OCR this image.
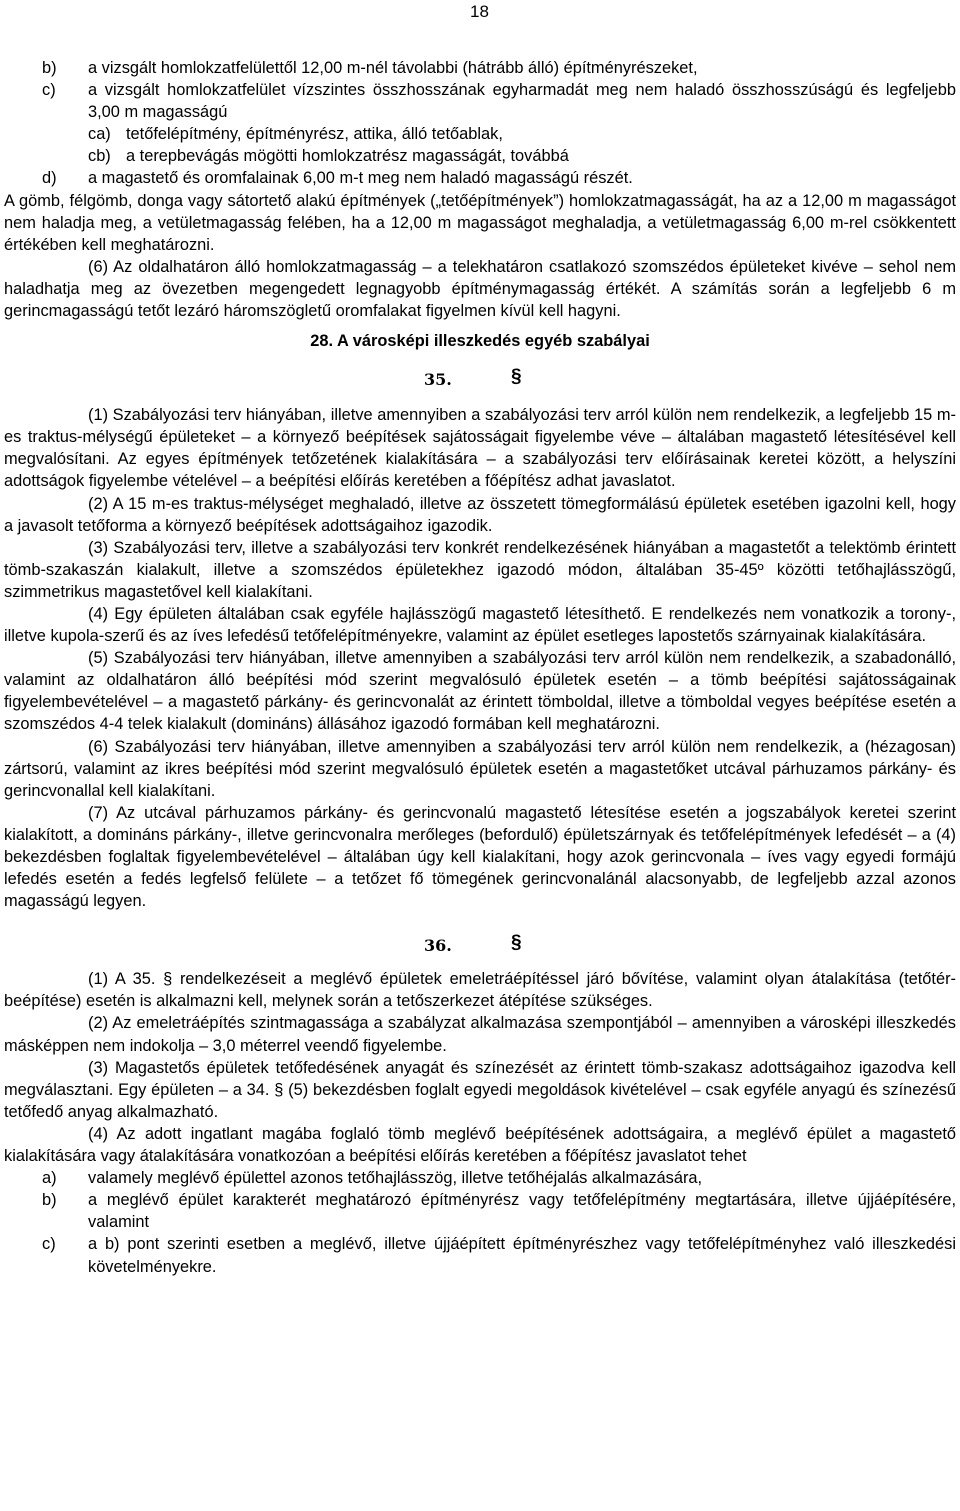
18
b)	a vizsgált homlokzatfelülettől 12,00 m-nél távolabbi (hátrább álló) építményrészeket,
c)	a vizsgált homlokzatfelület vízszintes összhosszának egyharmadát meg nem haladó összhosszúságú és legfeljebb 3,00 m magasságú
ca) tetőfelépítmény, építményrész, attika, álló tetőablak,
cb) a terepbevágás mögötti homlokzatrész magasságát, továbbá
d)	a magastető és oromfalainak 6,00 m-t meg nem haladó magasságú részét.

A gömb, félgömb, donga vagy sátortető alakú építmények („tetőépítmények”) homlokzatmagasságát, ha az a 12,00 m magasságot nem haladja meg, a vetületmagasság felében, ha a 12,00 m magasságot meghaladja, a vetületmagasság 6,00 m-rel csökkentett értékében kell meghatározni.

(6) Az oldalhatáron álló homlokzatmagasság – a telekhatáron csatlakozó szomszédos épületeket kivéve – sehol nem haladhatja meg az övezetben megengedett legnagyobb építménymagasság értékét. A számítás során a legfeljebb 6 m gerincmagasságú tetőt lezáró háromszögletű oromfalakat figyelmen kívül kell hagyni.

28. A városképi illeszkedés egyéb szabályai
35.	§

(1) Szabályozási terv hiányában, illetve amennyiben a szabályozási terv arról külön nem rendelkezik, a legfeljebb 15 m-es traktus-mélységű épületeket – a környező beépítések sajátosságait figyelembe véve – általában magastető létesítésével kell megvalósítani. Az egyes építmények tetőzetének kialakítására – a szabályozási terv előírásainak keretei között, a helyszíni adottságok figyelembe vételével – a beépítési előírás keretében a főépítész adhat javaslatot.

(2) A 15 m-es traktus-mélységet meghaladó, illetve az összetett tömegformálású épületek esetében igazolni kell, hogy a javasolt tetőforma a környező beépítések adottságaihoz igazodik.

(3) Szabályozási terv, illetve a szabályozási terv konkrét rendelkezésének hiányában a magastetőt a telektömb érintett tömb-szakaszán kialakult, illetve a szomszédos épületekhez igazodó módon, általában 35-45º közötti tetőhajlásszögű, szimmetrikus magastetővel kell kialakítani.

(4) Egy épületen általában csak egyféle hajlásszögű magastető létesíthető. E rendelkezés nem vonatkozik a torony-, illetve kupola-szerű és az íves lefedésű tetőfelépítményekre, valamint az épület esetleges lapostetős szárnyainak kialakítására.

(5) Szabályozási terv hiányában, illetve amennyiben a szabályozási terv arról külön nem rendelkezik, a szabadonálló, valamint az oldalhatáron álló beépítési mód szerint megvalósuló épületek esetén – a tömb beépítési sajátosságainak figyelembevételével – a magastető párkány- és gerincvonalát az érintett tömboldal, illetve a tömboldal vegyes beépítése esetén a szomszédos 4-4 telek kialakult (domináns) állásához igazodó formában kell meghatározni.

(6) Szabályozási terv hiányában, illetve amennyiben a szabályozási terv arról külön nem rendelkezik, a (hézagosan) zártsorú, valamint az ikres beépítési mód szerint megvalósuló épületek esetén a magastetőket utcával párhuzamos párkány- és gerincvonallal kell kialakítani.

(7) Az utcával párhuzamos párkány- és gerincvonalú magastető létesítése esetén a jogszabályok keretei szerint kialakított, a domináns párkány-, illetve gerincvonalra merőleges (befordulő) épületszárnyak és tetőfelépítmények lefedését – a (4) bekezdésben foglaltak figyelembevételével – általában úgy kell kialakítani, hogy azok gerincvonala – íves vagy egyedi formájú lefedés esetén a fedés legfelső felülete – a tetőzet fő tömegének gerincvonalánál alacsonyabb, de legfeljebb azzal azonos magasságú legyen.

36.	§

(1) A 35. § rendelkezéseit a meglévő épületek emeletráépítéssel járó bővítése, valamint olyan átalakítása (tetőtér-beépítése) esetén is alkalmazni kell, melynek során a tetőszerkezet átépítése szükséges.

(2) Az emeletráépítés szintmagassága a szabályzat alkalmazása szempontjából – amennyiben a városképi illeszkedés másképpen nem indokolja – 3,0 méterrel veendő figyelembe.

(3) Magastetős épületek tetőfedésének anyagát és színezését az érintett tömb-szakasz adottságaihoz igazodva kell megválasztani. Egy épületen – a 34. § (5) bekezdésben foglalt egyedi megoldások kivételével – csak egyféle anyagú és színezésű tetőfedő anyag alkalmazható.

(4) Az adott ingatlant magába foglaló tömb meglévő beépítésének adottságaira, a meglévő épület a magastető kialakítására vagy átalakítására vonatkozóan a beépítési előírás keretében a főépítész javaslatot tehet

a)	valamely meglévő épülettel azonos tetőhajlásszög, illetve tetőhéjalás alkalmazására,
b)	a meglévő épület karakterét meghatározó építményrész vagy tetőfelépítmény megtartására, illetve újjáépítésére, valamint
c)	a b) pont szerinti esetben a meglévő, illetve újjáépített építményrészhez vagy tetőfelépítményhez való illeszkedési követelményekre.
